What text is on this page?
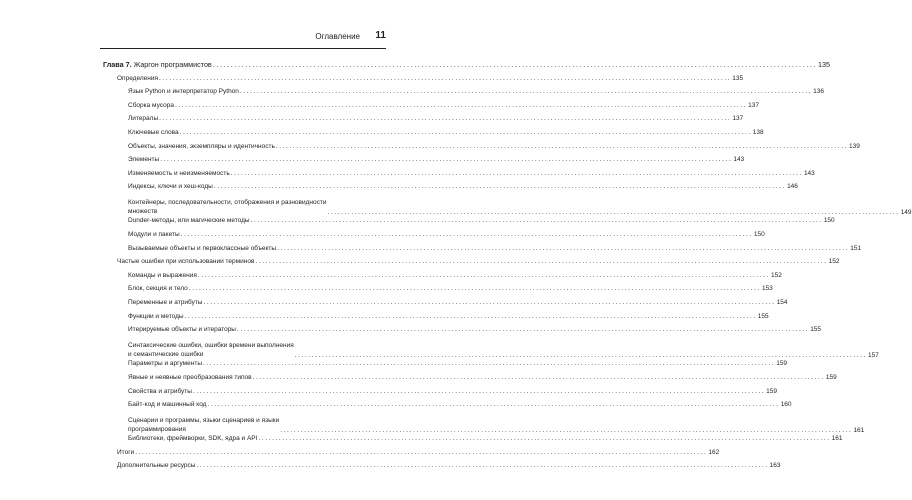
Оглавление 11
Глава 7. Жаргон программистов ........................................................................................................................................................................ 135
Определения ........................................................................................................................................................................ 135
Язык Python и интерпретатор Python ........................................................................................................................................................................ 136
Сборка мусора ........................................................................................................................................................................ 137
Литералы ........................................................................................................................................................................ 137
Ключевые слова ........................................................................................................................................................................ 138
Объекты, значения, экземпляры и идентичность ........................................................................................................................................................................ 139
Элементы ........................................................................................................................................................................ 143
Изменяемость и неизменяемость ........................................................................................................................................................................ 143
Индексы, ключи и хеш-коды ........................................................................................................................................................................ 146
Контейнеры, последовательности, отображения и разновидности
множеств	........................................................................................................................................................................ 149
Dunder-методы, или магические методы ........................................................................................................................................................................ 150
Модули и пакеты ........................................................................................................................................................................ 150
Вызываемые объекты и первоклассные объекты ........................................................................................................................................................................ 151
Частые ошибки при использовании терминов ........................................................................................................................................................................ 152
Команды и выражения ........................................................................................................................................................................ 152
Блок, секция и тело ........................................................................................................................................................................ 153
Переменные и атрибуты ........................................................................................................................................................................ 154
Функции и методы ........................................................................................................................................................................ 155
Итерируемые объекты и итераторы ........................................................................................................................................................................ 155
Синтаксические ошибки, ошибки времени выполнения
и семантические ошибки	........................................................................................................................................................................ 157
Параметры и аргументы ........................................................................................................................................................................ 159
Явные и неявные преобразования типов ........................................................................................................................................................................ 159
Свойства и атрибуты ........................................................................................................................................................................ 159
Байт-код и машинный код ........................................................................................................................................................................ 160
Сценарии и программы, языки сценариев и языки
программирования	........................................................................................................................................................................ 161
Библиотеки, фреймворки, SDK, ядра и API ........................................................................................................................................................................ 161
Итоги ........................................................................................................................................................................ 162
Дополнительные ресурсы ........................................................................................................................................................................ 163
